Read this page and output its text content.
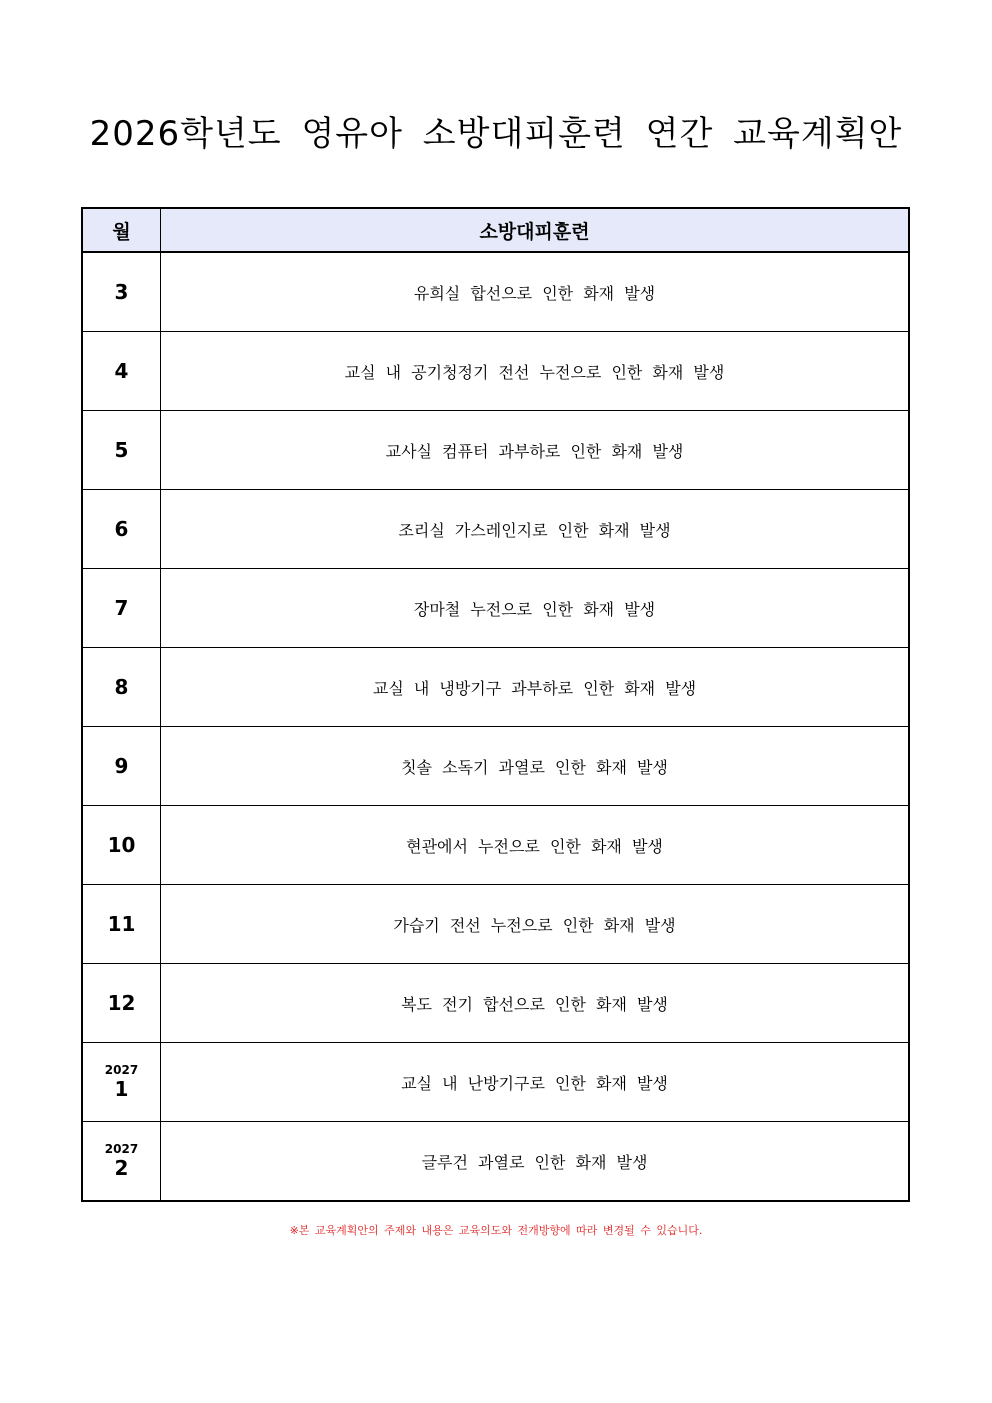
2026학년도 영유아 소방대피훈련 연간 교육계획안
월	소방대피훈련

3	유희실 합선으로 인한 화재 발생

4	교실 내 공기청정기 전선 누전으로 인한 화재 발생

5	교사실 컴퓨터 과부하로 인한 화재 발생

6	조리실 가스레인지로 인한 화재 발생

7	장마철 누전으로 인한 화재 발생

8	교실 내 냉방기구 과부하로 인한 화재 발생

9	칫솔 소독기 과열로 인한 화재 발생

10	현관에서 누전으로 인한 화재 발생

11	가습기 전선 누전으로 인한 화재 발생

12	복도 전기 합선으로 인한 화재 발생

2027
1	교실 내 난방기구로 인한 화재 발생

2027
2	글루건 과열로 인한 화재 발생
※본 교육계획안의 주제와 내용은 교육의도와 전개방향에 따라 변경될 수 있습니다.
